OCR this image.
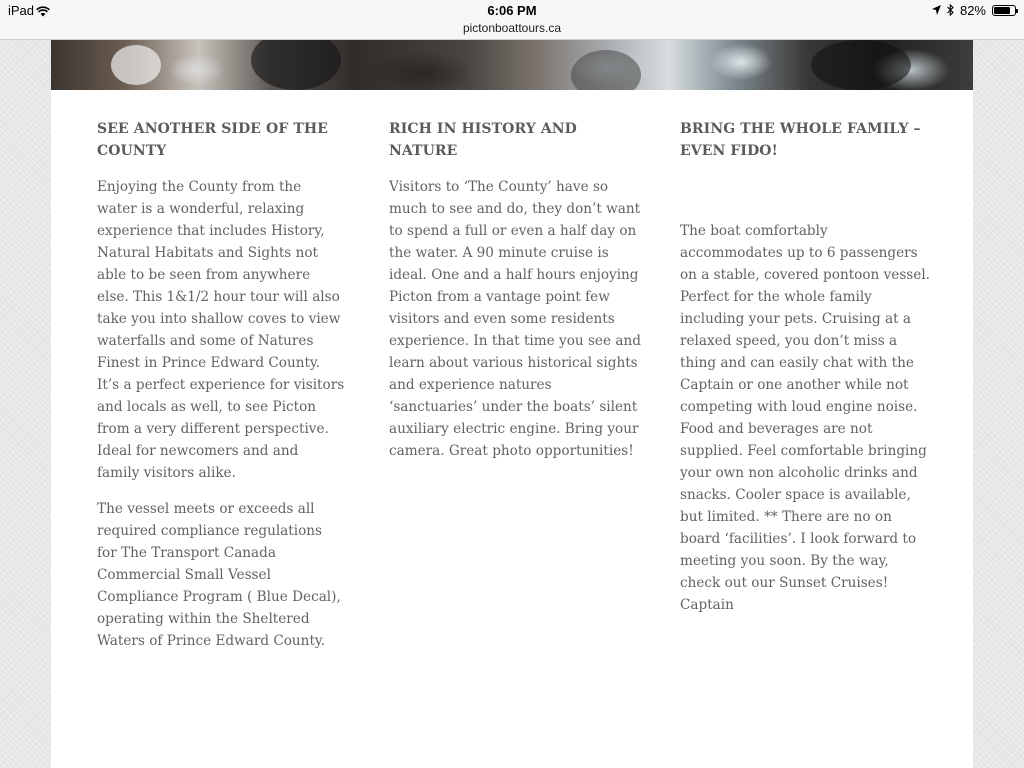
iPad	6:06 PM
pictonboattours.ca
82%
SEE ANOTHER SIDE OF THE COUNTY

Enjoying the County from the water is a wonderful, relaxing experience that includes History, Natural Habitats and Sights not able to be seen from anywhere else. This 1&1/2 hour tour will also take you into shallow coves to view waterfalls and some of Natures Finest in Prince Edward County. It’s a perfect experience for visitors and locals as well, to see Picton from a very different perspective. Ideal for newcomers and and family visitors alike.

The vessel meets or exceeds all required compliance regulations for The Transport Canada Commercial Small Vessel Compliance Program ( Blue Decal), operating within the Sheltered Waters of Prince Edward County.

RICH IN HISTORY AND NATURE

Visitors to ‘The County’ have so much to see and do, they don’t want to spend a full or even a half day on the water. A 90 minute cruise is ideal. One and a half hours enjoying Picton from a vantage point few visitors and even some residents experience. In that time you see and learn about various historical sights and experience natures ‘sanctuaries’ under the boats’ silent auxiliary electric engine. Bring your camera. Great photo opportunities!

BRING THE WHOLE FAMILY – EVEN FIDO!

The boat comfortably accommodates up to 6 passengers on a stable, covered pontoon vessel. Perfect for the whole family including your pets. Cruising at a relaxed speed, you don’t miss a thing and can easily chat with the Captain or one another while not competing with loud engine noise. Food and beverages are not supplied. Feel comfortable bringing your own non alcoholic drinks and snacks. Cooler space is available, but limited. ** There are no on board ‘facilities’. I look forward to meeting you soon. By the way, check out our Sunset Cruises! Captain
